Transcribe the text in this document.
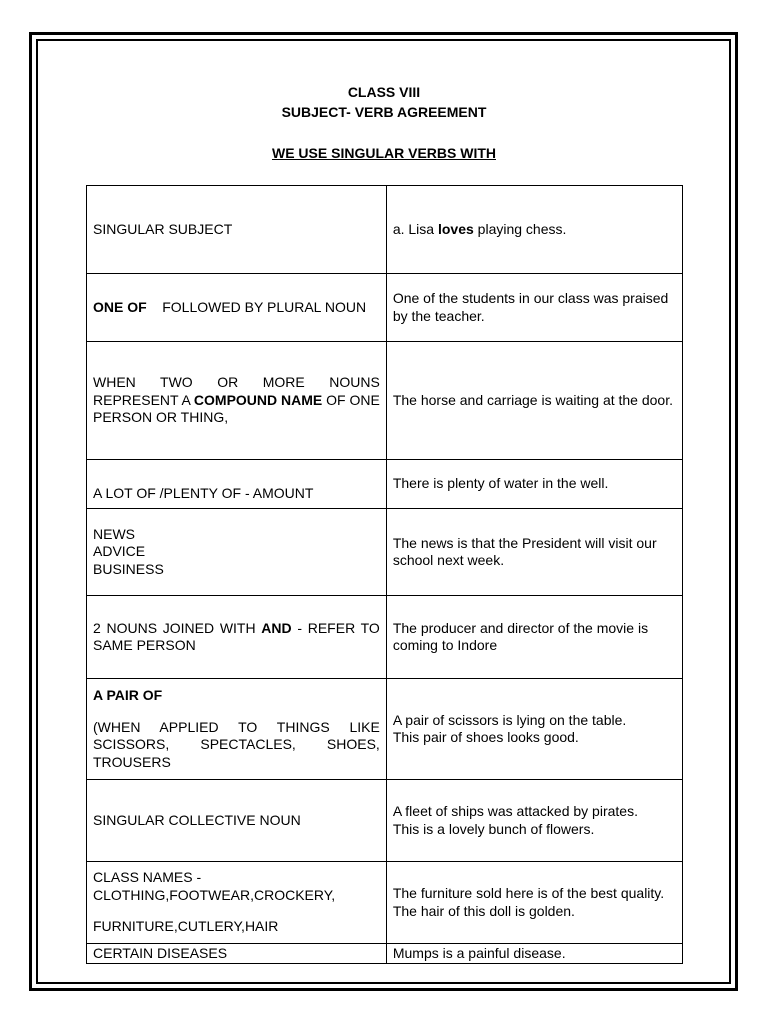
CLASS VIII
SUBJECT- VERB AGREEMENT
WE USE SINGULAR VERBS WITH
SINGULAR SUBJECT	a. Lisa loves playing chess.
ONE OF    FOLLOWED BY PLURAL NOUN	One of the students in our class was praised by the teacher.
WHEN TWO OR MORE NOUNS REPRESENT A COMPOUND NAME OF ONE PERSON OR THING,	The horse and carriage is waiting at the door.
A LOT OF /PLENTY OF - AMOUNT	There is plenty of water in the well.

NEWS
ADVICE
BUSINESS	The news is that the President will visit our school next week.
2 NOUNS JOINED WITH AND - REFER TO SAME PERSON	The producer and director of the movie is coming to Indore

A PAIR OF
(WHEN APPLIED TO THINGS LIKE SCISSORS, SPECTACLES, SHOES, TROUSERS	A pair of scissors is lying on the table.
This pair of shoes looks good.

SINGULAR COLLECTIVE NOUN	A fleet of ships was attacked by pirates.
This is a lovely bunch of flowers.

CLASS NAMES -
CLOTHING,FOOTWEAR,CROCKERY,
FURNITURE,CUTLERY,HAIR	The furniture sold here is of the best quality.
The hair of this doll is golden.

CERTAIN DISEASES	Mumps is a painful disease.
